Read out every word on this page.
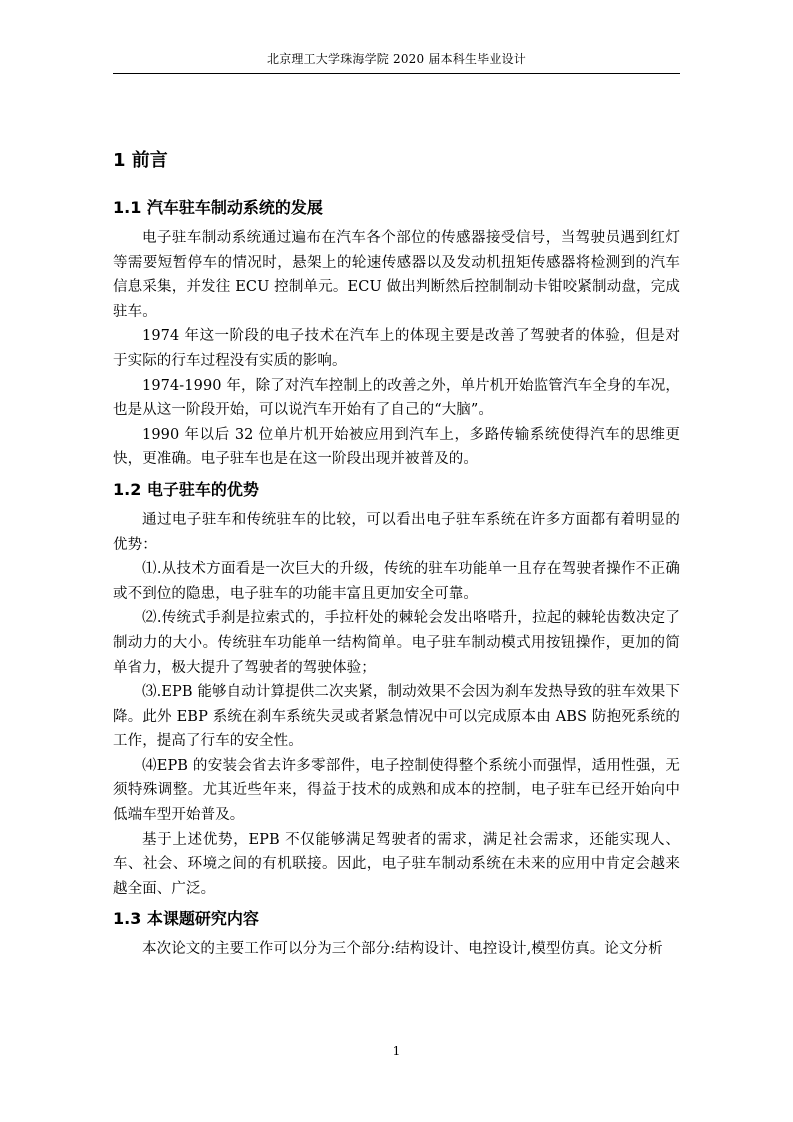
北京理工大学珠海学院 2020 届本科生毕业设计
1 前言
1.1 汽车驻车制动系统的发展

电子驻车制动系统通过遍布在汽车各个部位的传感器接受信号，当驾驶员遇到红灯等需要短暂停车的情况时，悬架上的轮速传感器以及发动机扭矩传感器将检测到的汽车信息采集，并发往 ECU 控制单元。ECU 做出判断然后控制制动卡钳咬紧制动盘，完成驻车。

1974 年这一阶段的电子技术在汽车上的体现主要是改善了驾驶者的体验，但是对于实际的行车过程没有实质的影响。

1974-1990 年，除了对汽车控制上的改善之外，单片机开始监管汽车全身的车况，也是从这一阶段开始，可以说汽车开始有了自己的“大脑”。

1990 年以后 32 位单片机开始被应用到汽车上，多路传输系统使得汽车的思维更快，更准确。电子驻车也是在这一阶段出现并被普及的。

1.2 电子驻车的优势

通过电子驻车和传统驻车的比较，可以看出电子驻车系统在许多方面都有着明显的优势：

⑴.从技术方面看是一次巨大的升级，传统的驻车功能单一且存在驾驶者操作不正确或不到位的隐患，电子驻车的功能丰富且更加安全可靠。

⑵.传统式手刹是拉索式的，手拉杆处的棘轮会发出咯嗒升，拉起的棘轮齿数决定了制动力的大小。传统驻车功能单一结构简单。电子驻车制动模式用按钮操作，更加的简单省力，极大提升了驾驶者的驾驶体验；

⑶.EPB 能够自动计算提供二次夹紧，制动效果不会因为刹车发热导致的驻车效果下降。此外 EBP 系统在刹车系统失灵或者紧急情况中可以完成原本由 ABS 防抱死系统的工作，提高了行车的安全性。

⑷EPB 的安装会省去许多零部件，电子控制使得整个系统小而强悍，适用性强，无须特殊调整。尤其近些年来，得益于技术的成熟和成本的控制，电子驻车已经开始向中低端车型开始普及。

基于上述优势，EPB 不仅能够满足驾驶者的需求，满足社会需求，还能实现人、车、社会、环境之间的有机联接。因此，电子驻车制动系统在未来的应用中肯定会越来越全面、广泛。

1.3 本课题研究内容

本次论文的主要工作可以分为三个部分:结构设计、电控设计,模型仿真。论文分析

1
